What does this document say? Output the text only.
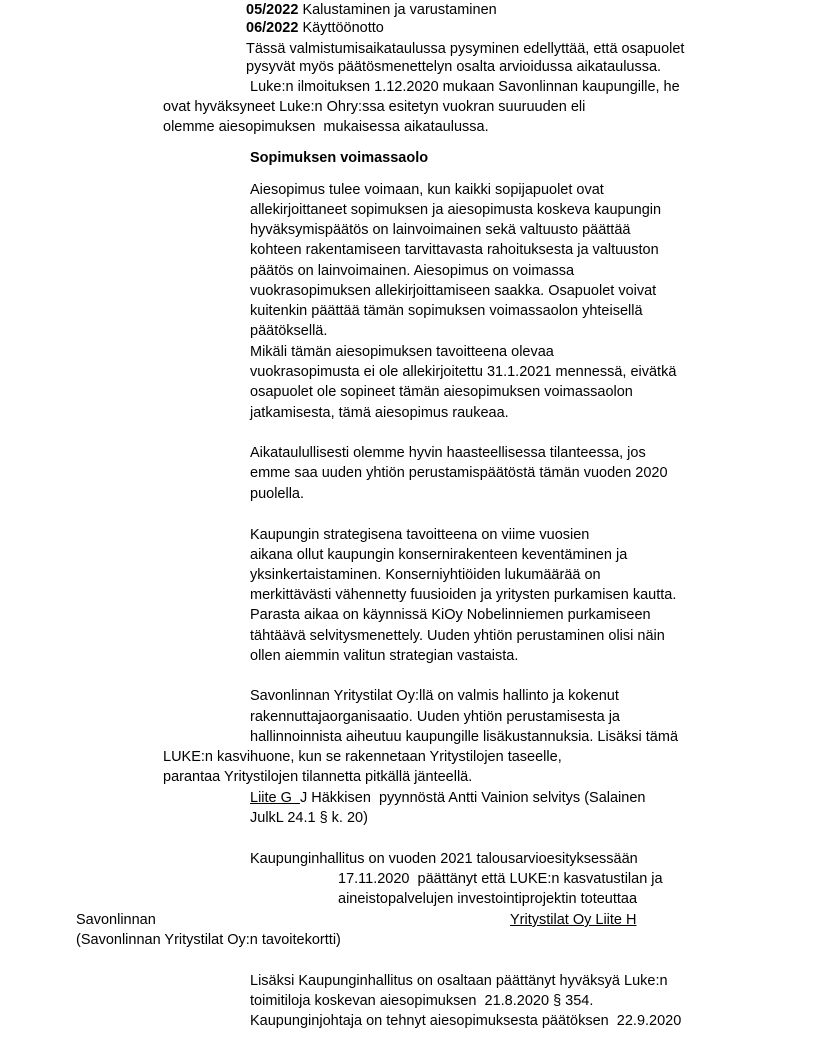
05/2022 Kalustaminen ja varustaminen
06/2022 Käyttöönotto
Tässä valmistumisaikataulussa pysyminen edellyttää, että osapuolet
pysyvät myös päätösmenettelyn osalta arvioidussa aikataulussa.
Luke:n ilmoituksen 1.12.2020 mukaan Savonlinnan kaupungille, he
ovat hyväksyneet Luke:n Ohry:ssa esitetyn vuokran suuruuden eli
olemme aiesopimuksen  mukaisessa aikataulussa.
Sopimuksen voimassaolo
Aiesopimus tulee voimaan, kun kaikki sopijapuolet ovat
allekirjoittaneet sopimuksen ja aiesopimusta koskeva kaupungin
hyväksymispäätös on lainvoimainen sekä valtuusto päättää
kohteen rakentamiseen tarvittavasta rahoituksesta ja valtuuston
päätös on lainvoimainen. Aiesopimus on voimassa
vuokrasopimuksen allekirjoittamiseen saakka. Osapuolet voivat
kuitenkin päättää tämän sopimuksen voimassaolon yhteisellä
päätöksellä.
Mikäli tämän aiesopimuksen tavoitteena olevaa
vuokrasopimusta ei ole allekirjoitettu 31.1.2021 mennessä, eivätkä
osapuolet ole sopineet tämän aiesopimuksen voimassaolon
jatkamisesta, tämä aiesopimus raukeaa.
Aikataulullisesti olemme hyvin haasteellisessa tilanteessa, jos
emme saa uuden yhtiön perustamispäätöstä tämän vuoden 2020
puolella.
Kaupungin strategisena tavoitteena on viime vuosien
aikana ollut kaupungin konsernirakenteen keventäminen ja
yksinkertaistaminen. Konserniyhtiöiden lukumäärää on
merkittävästi vähennetty fuusioiden ja yritysten purkamisen kautta.
Parasta aikaa on käynnissä KiOy Nobelinniemen purkamiseen
tähtäävä selvitysmenettely. Uuden yhtiön perustaminen olisi näin
ollen aiemmin valitun strategian vastaista.
Savonlinnan Yritystilat Oy:llä on valmis hallinto ja kokenut
rakennuttajaorganisaatio. Uuden yhtiön perustamisesta ja
hallinnoinnista aiheutuu kaupungille lisäkustannuksia. Lisäksi tämä
LUKE:n kasvihuone, kun se rakennetaan Yritystilojen taseelle,
parantaa Yritystilojen tilannetta pitkällä jänteellä.
Liite G  J Häkkisen  pyynnöstä Antti Vainion selvitys (Salainen
JulkL 24.1 § k. 20)
Kaupunginhallitus on vuoden 2021 talousarvioesityksessään
17.11.2020  päättänyt että LUKE:n kasvatustilan ja
aineistopalvelujen investointiprojektin toteuttaa
Savonlinnan	Yritystilat Oy Liite H
(Savonlinnan Yritystilat Oy:n tavoitekortti)
Lisäksi Kaupunginhallitus on osaltaan päättänyt hyväksyä Luke:n
toimitiloja koskevan aiesopimuksen  21.8.2020 § 354.
Kaupunginjohtaja on tehnyt aiesopimuksesta päätöksen  22.9.2020
